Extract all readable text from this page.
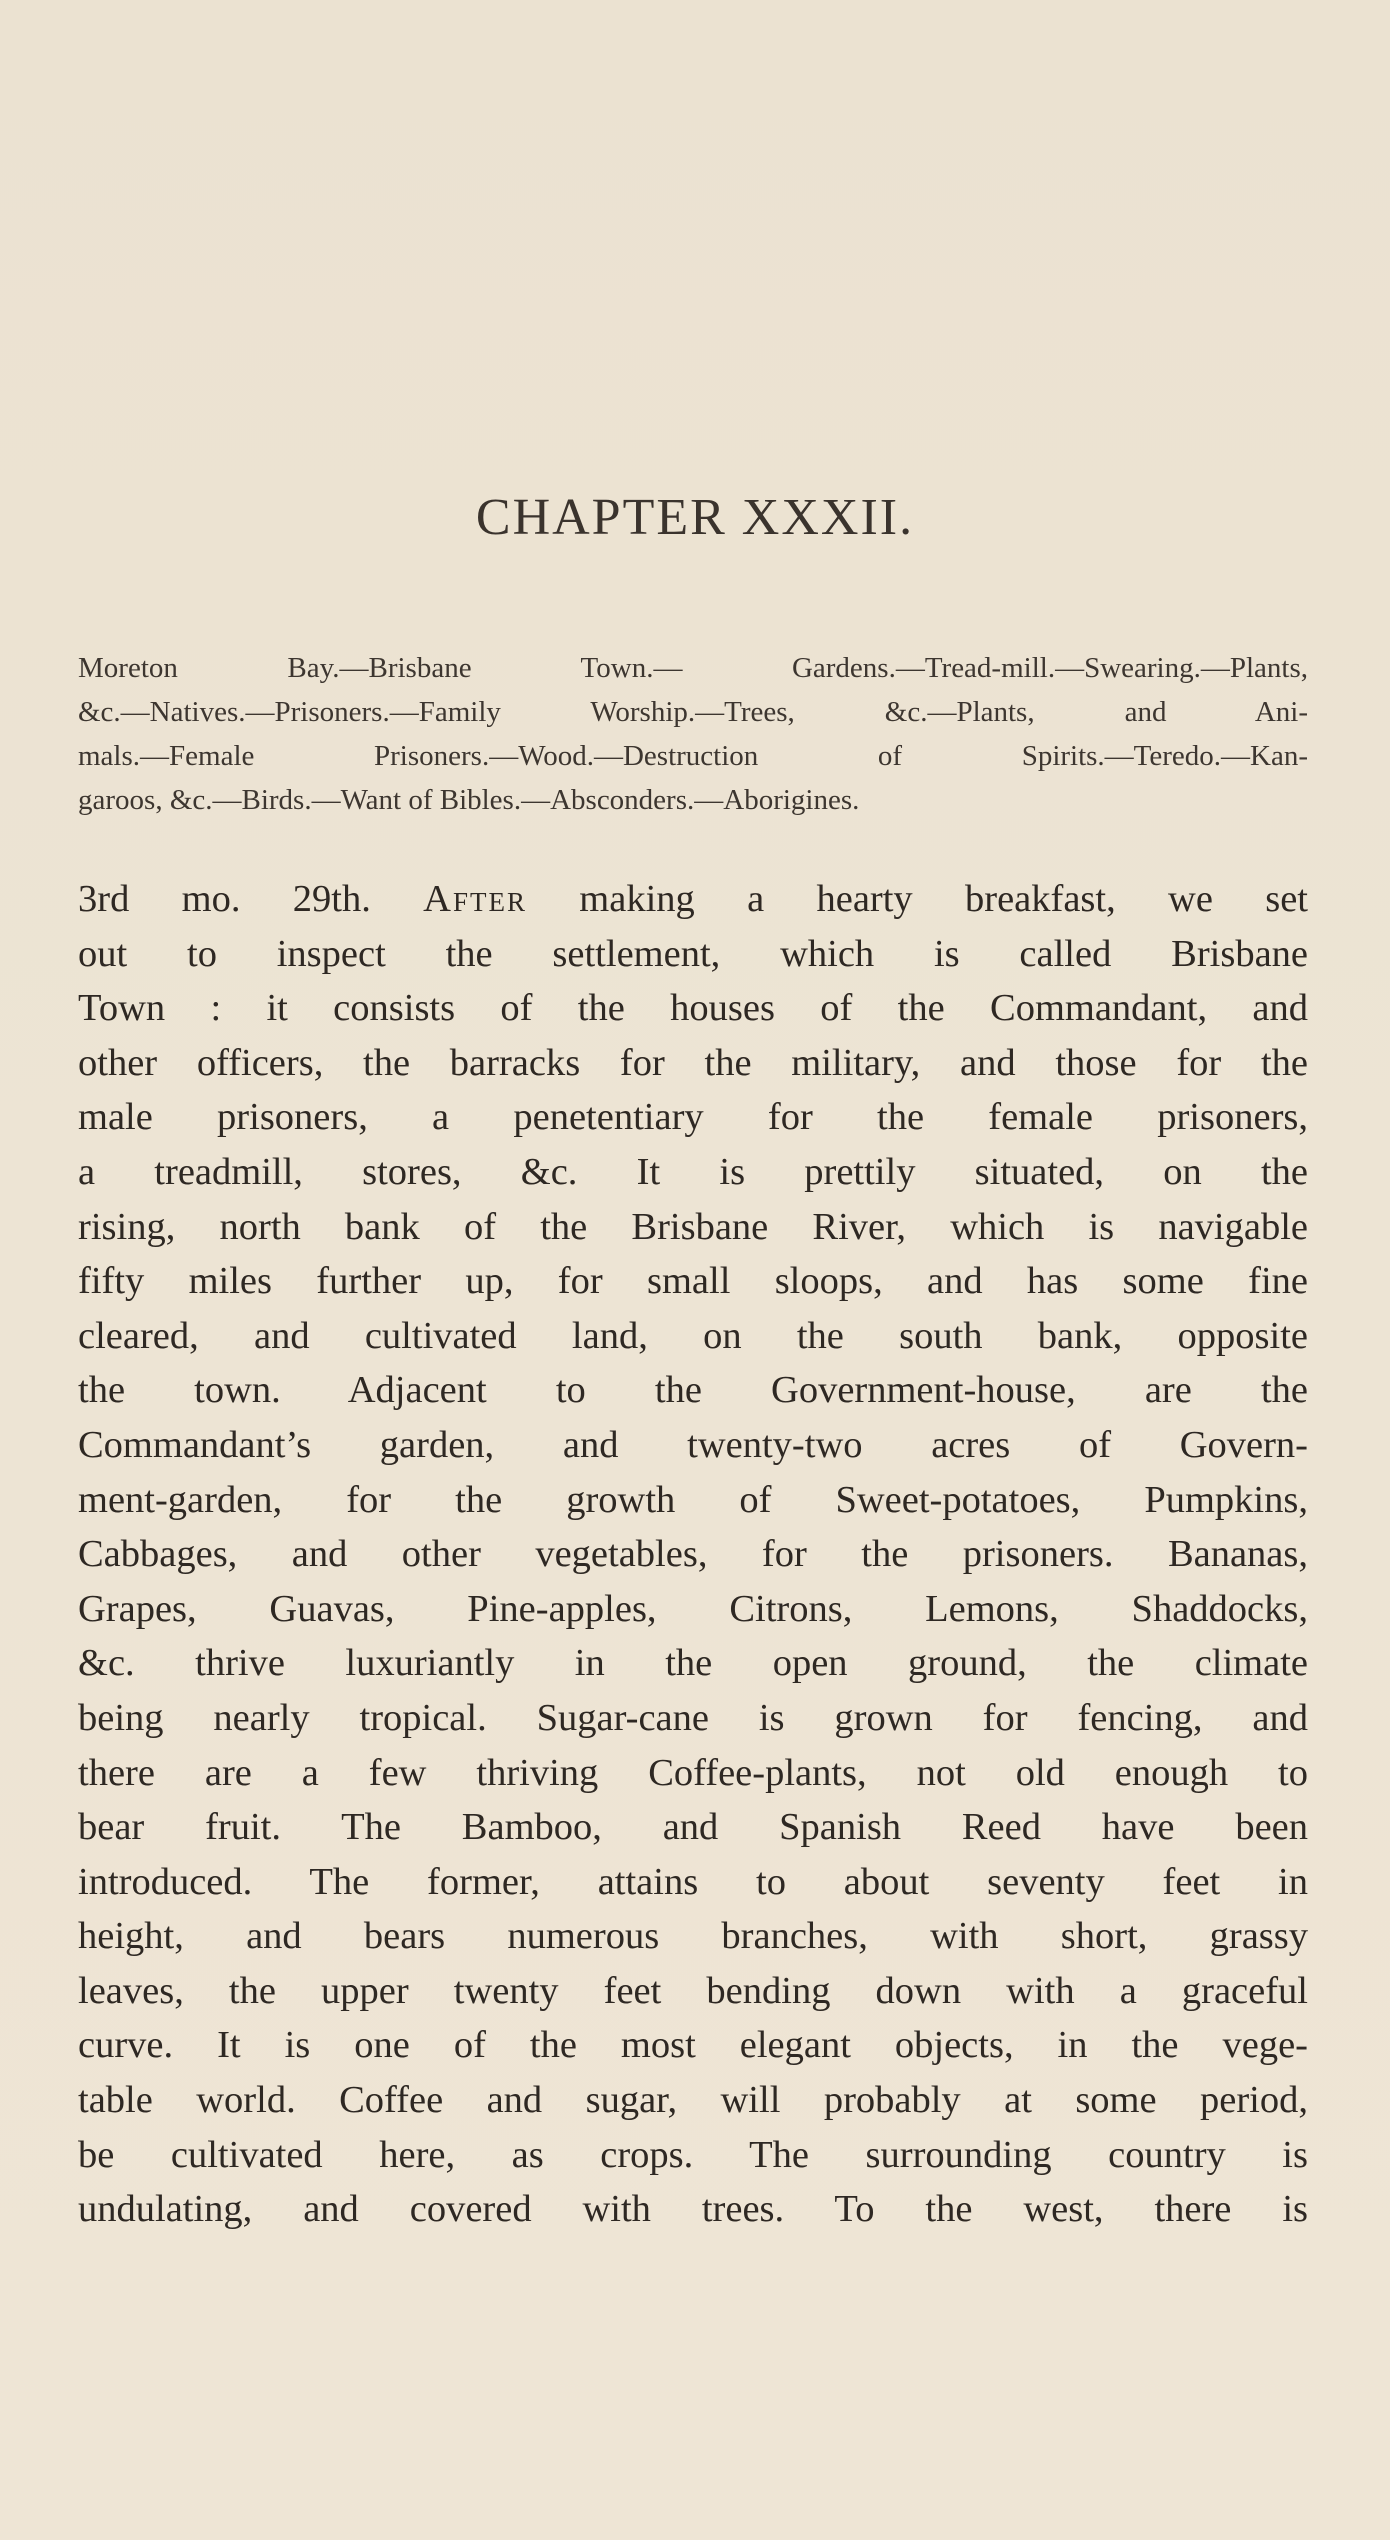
CHAPTER XXXII.
Moreton Bay.—Brisbane Town.— Gardens.—Tread-mill.—Swearing.—Plants,
&c.—Natives.—Prisoners.—Family Worship.—Trees, &c.—Plants, and Ani-
mals.—Female Prisoners.—Wood.—Destruction of Spirits.—Teredo.—Kan-
garoos, &c.—Birds.—Want of Bibles.—Absconders.—Aborigines.
3rd mo. 29th. After making a hearty breakfast, we set
out to inspect the settlement, which is called Brisbane
Town : it consists of the houses of the Commandant, and
other officers, the barracks for the military, and those for the
male prisoners, a penetentiary for the female prisoners,
a treadmill, stores, &c. It is prettily situated, on the
rising, north bank of the Brisbane River, which is navigable
fifty miles further up, for small sloops, and has some fine
cleared, and cultivated land, on the south bank, opposite
the town. Adjacent to the Government-house, are the
Commandant’s garden, and twenty-two acres of Govern-
ment-garden, for the growth of Sweet-potatoes, Pumpkins,
Cabbages, and other vegetables, for the prisoners. Bananas,
Grapes, Guavas, Pine-apples, Citrons, Lemons, Shaddocks,
&c. thrive luxuriantly in the open ground, the climate
being nearly tropical. Sugar-cane is grown for fencing, and
there are a few thriving Coffee-plants, not old enough to
bear fruit. The Bamboo, and Spanish Reed have been
introduced. The former, attains to about seventy feet in
height, and bears numerous branches, with short, grassy
leaves, the upper twenty feet bending down with a graceful
curve. It is one of the most elegant objects, in the vege-
table world. Coffee and sugar, will probably at some period,
be cultivated here, as crops. The surrounding country is
undulating, and covered with trees. To the west, there is
